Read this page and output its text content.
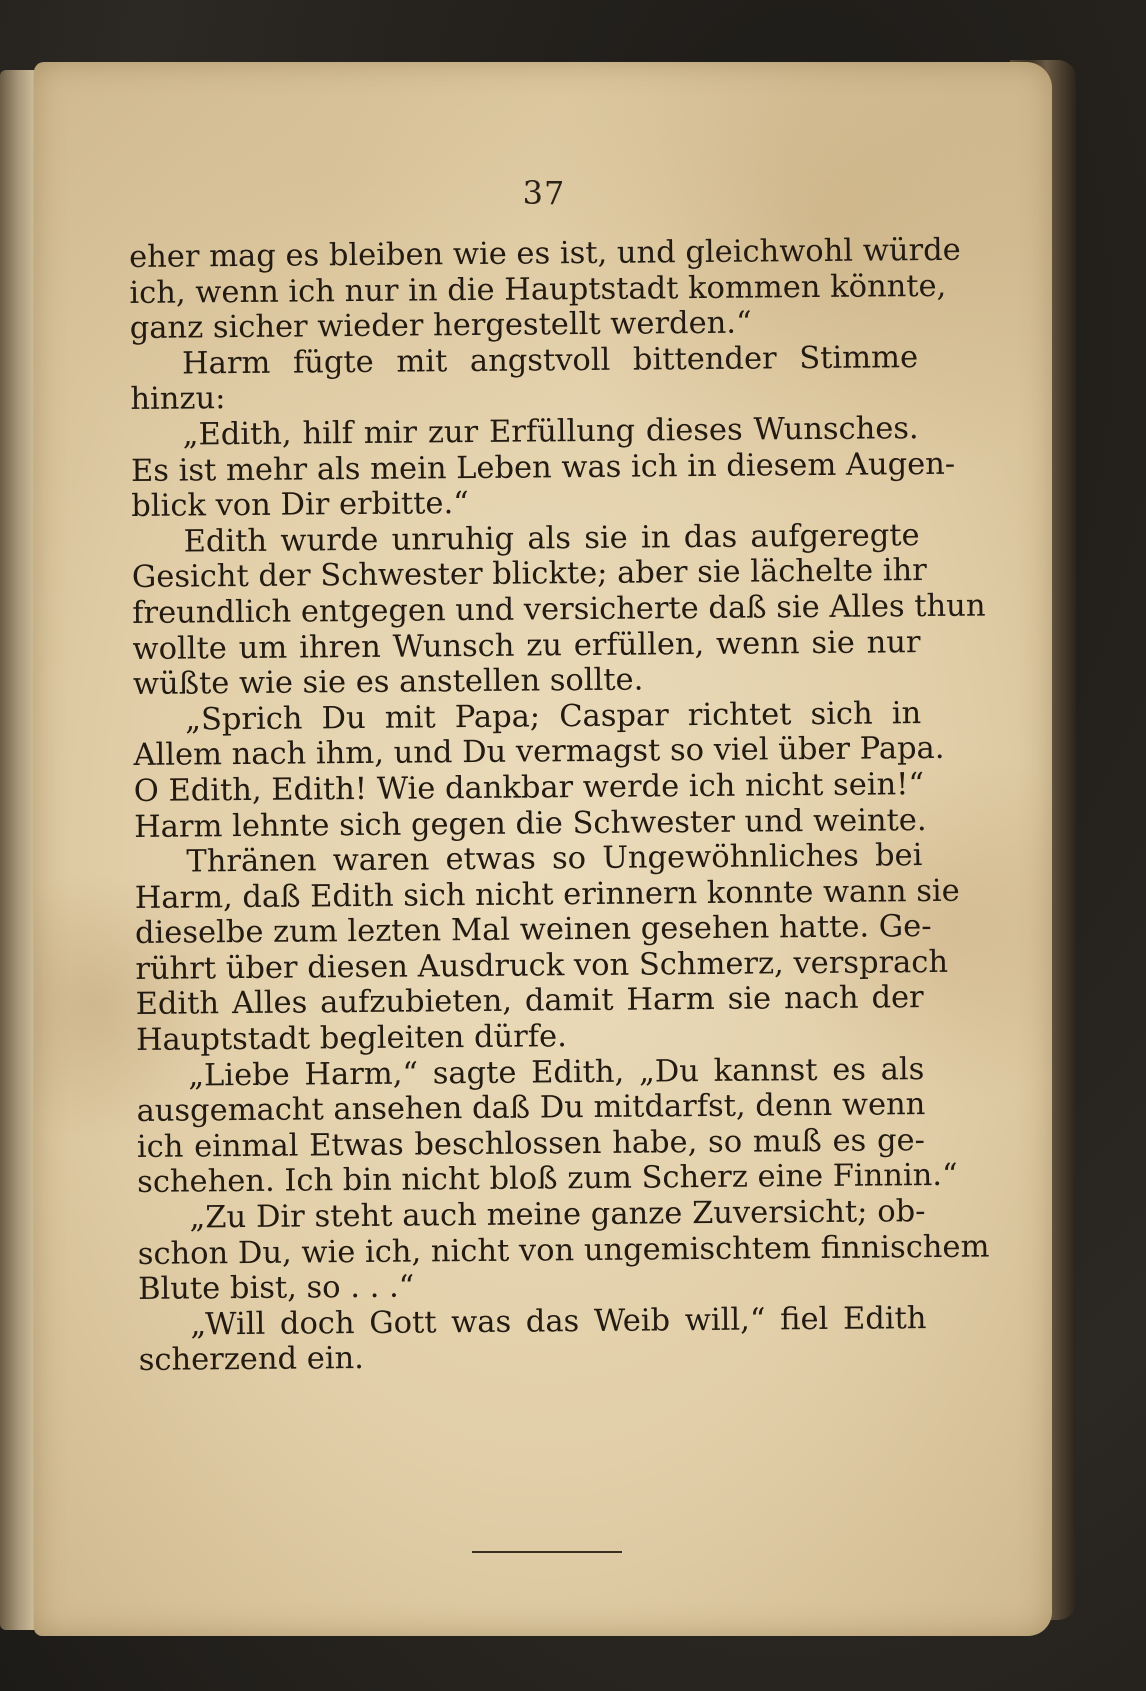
37
eher mag es bleiben wie es ist, und gleichwohl würde
ich, wenn ich nur in die Hauptstadt kommen könnte,
ganz sicher wieder hergestellt werden.“
Harm fügte mit angstvoll bittender Stimme
hinzu:
„Edith, hilf mir zur Erfüllung dieses Wunsches.
Es ist mehr als mein Leben was ich in diesem Augen-
blick von Dir erbitte.“
Edith wurde unruhig als sie in das aufgeregte
Gesicht der Schwester blickte; aber sie lächelte ihr
freundlich entgegen und versicherte daß sie Alles thun
wollte um ihren Wunsch zu erfüllen, wenn sie nur
wüßte wie sie es anstellen sollte.
„Sprich Du mit Papa; Caspar richtet sich in
Allem nach ihm, und Du vermagst so viel über Papa.
O Edith, Edith! Wie dankbar werde ich nicht sein!“
Harm lehnte sich gegen die Schwester und weinte.
Thränen waren etwas so Ungewöhnliches bei
Harm, daß Edith sich nicht erinnern konnte wann sie
dieselbe zum lezten Mal weinen gesehen hatte. Ge-
rührt über diesen Ausdruck von Schmerz, versprach
Edith Alles aufzubieten, damit Harm sie nach der
Hauptstadt begleiten dürfe.
„Liebe Harm,“ sagte Edith, „Du kannst es als
ausgemacht ansehen daß Du mitdarfst, denn wenn
ich einmal Etwas beschlossen habe, so muß es ge-
schehen. Ich bin nicht bloß zum Scherz eine Finnin.“
„Zu Dir steht auch meine ganze Zuversicht; ob-
schon Du, wie ich, nicht von ungemischtem finnischem
Blute bist, so . . .“
„Will doch Gott was das Weib will,“ fiel Edith
scherzend ein.
